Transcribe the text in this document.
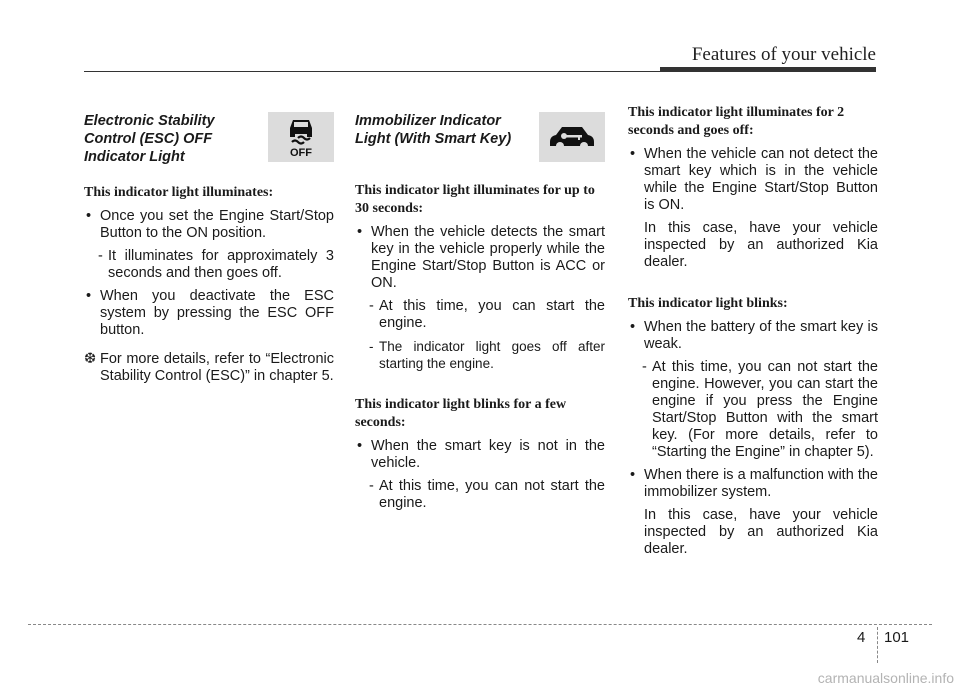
Features of your vehicle
Electronic Stability
Control (ESC) OFF
Indicator Light	OFF
This indicator light illuminates:
• Once you set the Engine Start/Stop Button to the ON position.
- It illuminates for approximately 3 seconds and then goes off.
• When you deactivate the ESC system by pressing the ESC OFF button.
❆ For more details, refer to “Electronic Stability Control (ESC)” in chapter 5.
Immobilizer Indicator
Light (With Smart Key)
This indicator light illuminates for up to 30 seconds:
• When the vehicle detects the smart key in the vehicle properly while the Engine Start/Stop Button is ACC or ON.
- At this time, you can start the engine.
- The indicator light goes off after starting the engine.
This indicator light blinks for a few seconds:
• When the smart key is not in the vehicle.
- At this time, you can not start the engine.
This indicator light illuminates for 2 seconds and goes off:
• When the vehicle can not detect the smart key which is in the vehicle while the Engine Start/Stop Button is ON.
In this case, have your vehicle inspected by an authorized Kia dealer.
This indicator light blinks:
• When the battery of the smart key is weak.
- At this time, you can not start the engine. However, you can start the engine if you press the Engine Start/Stop Button with the smart key. (For more details, refer to “Starting the Engine” in chapter 5).
• When there is a malfunction with the immobilizer system.
In this case, have your vehicle inspected by an authorized Kia dealer.
4 101
carmanualsonline.info
